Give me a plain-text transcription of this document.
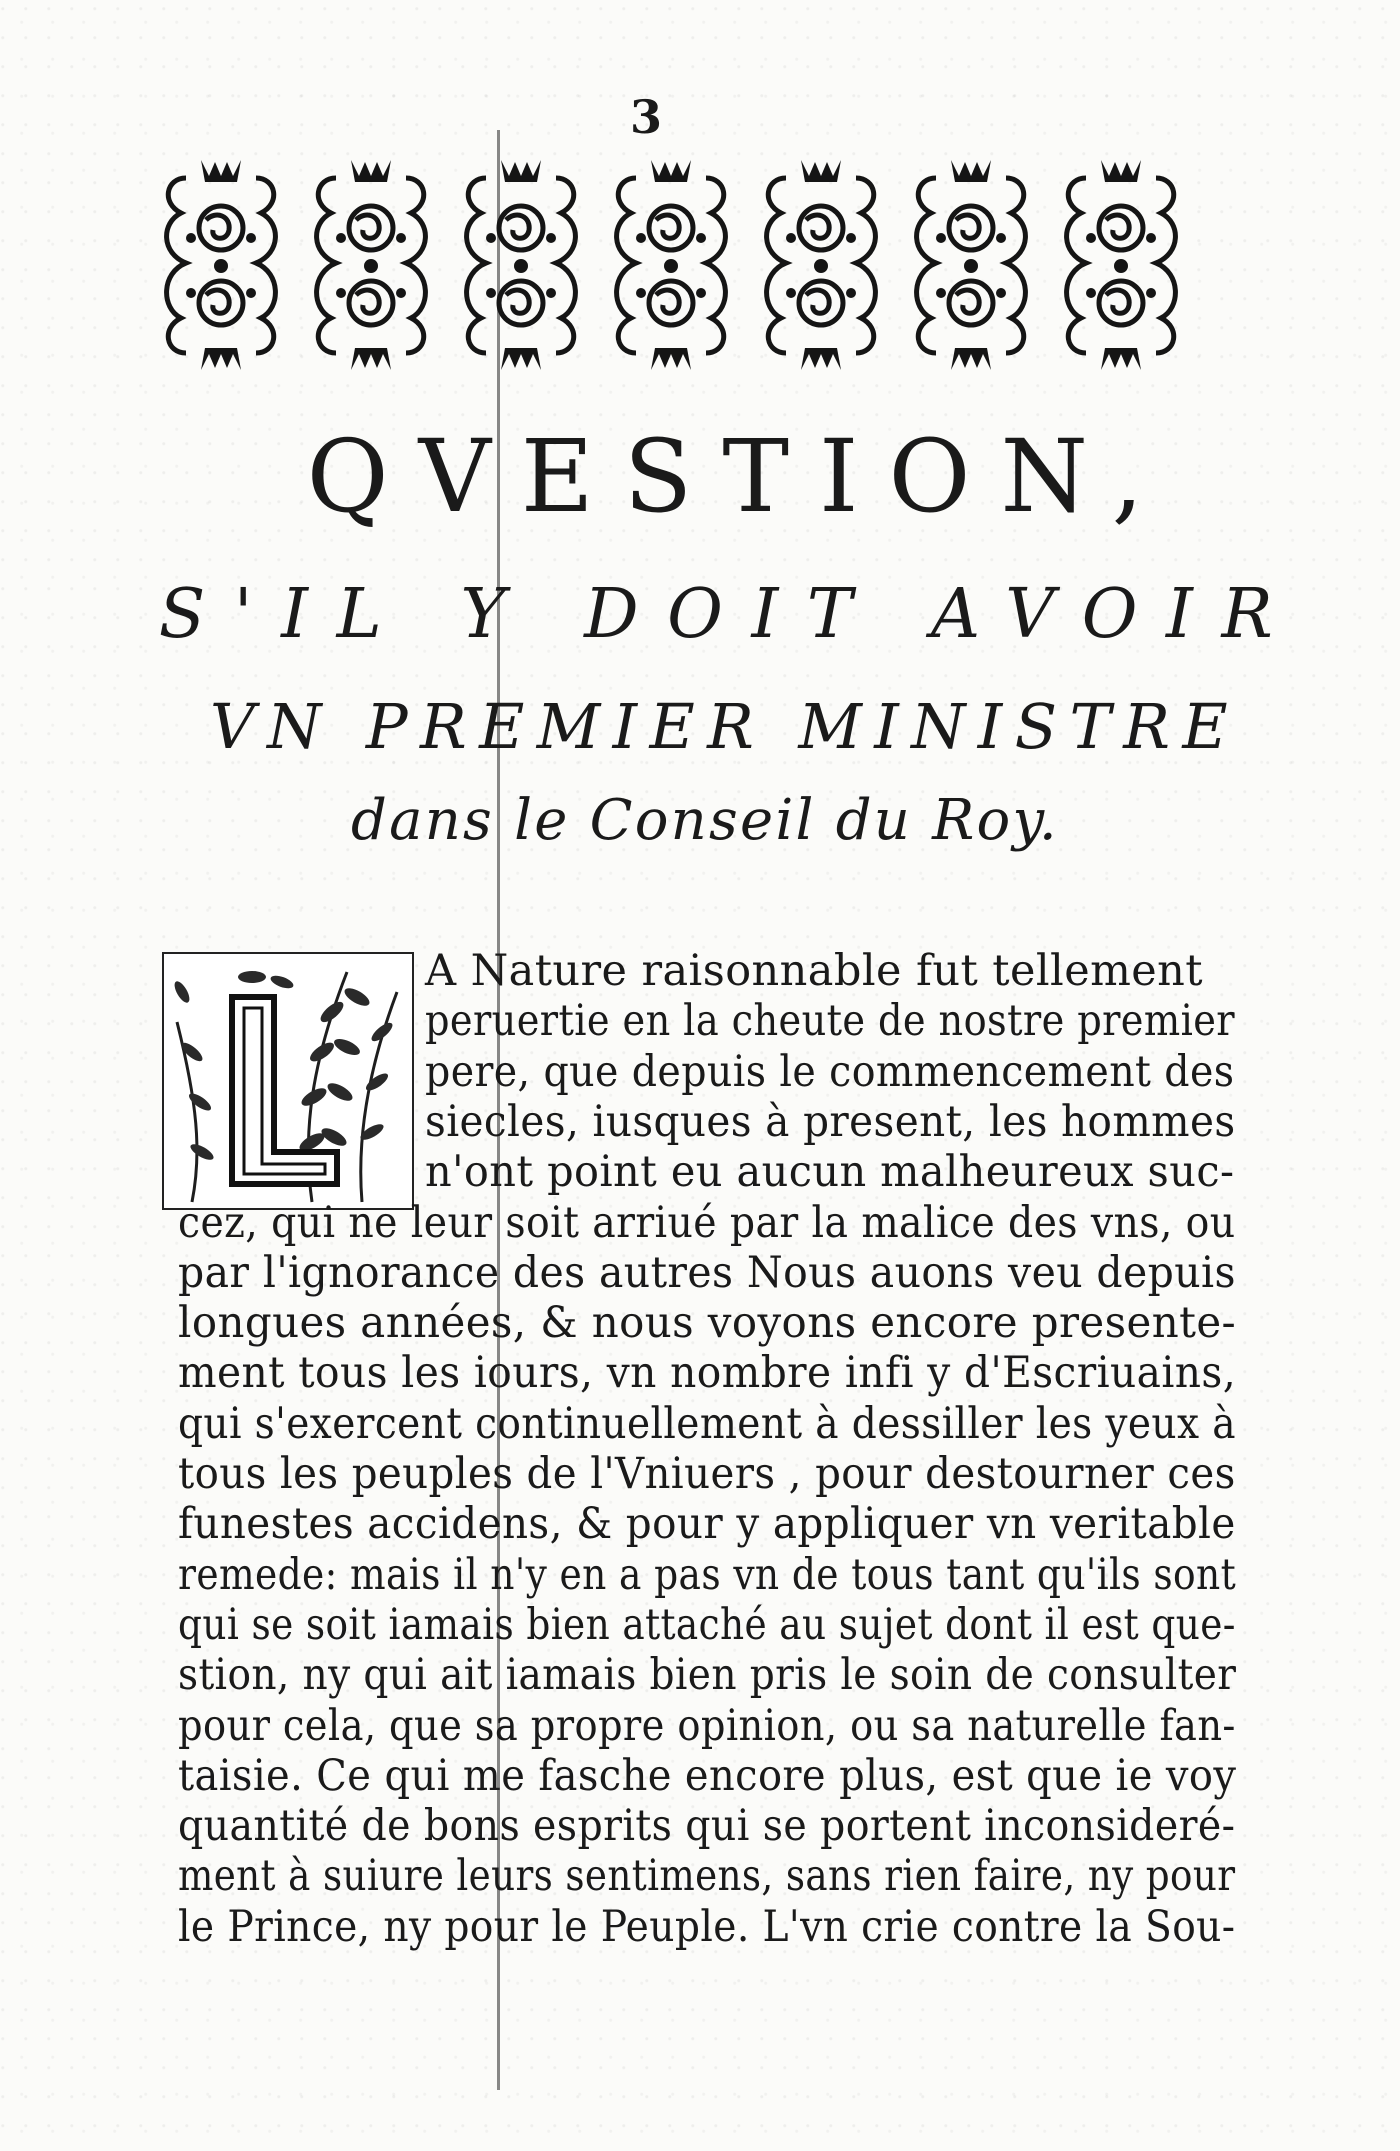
3
QVESTION,
S'IL Y DOIT AVOIR
VN PREMIER MINISTRE
dans le Conseil du Roy.
A Nature raisonnable fut tellement
peruertie en la cheute de nostre premier
pere, que depuis le commencement des
siecles, iusques à present, les hommes
n'ont point eu aucun malheureux suc-
cez, qui ne leur soit arriué par la malice des vns, ou
par l'ignorance des autres Nous auons veu depuis
longues années, & nous voyons encore presente-
ment tous les iours, vn nombre infi y d'Escriuains,
qui s'exercent continuellement à dessiller les yeux à
tous les peuples de l'Vniuers , pour destourner ces
funestes accidens, & pour y appliquer vn veritable
remede: mais il n'y en a pas vn de tous tant qu'ils sont
qui se soit iamais bien attaché au sujet dont il est que-
stion, ny qui ait iamais bien pris le soin de consulter
pour cela, que sa propre opinion, ou sa naturelle fan-
taisie. Ce qui me fasche encore plus, est que ie voy
quantité de bons esprits qui se portent inconsideré-
ment à suiure leurs sentimens, sans rien faire, ny pour
le Prince, ny pour le Peuple. L'vn crie contre la Sou-
